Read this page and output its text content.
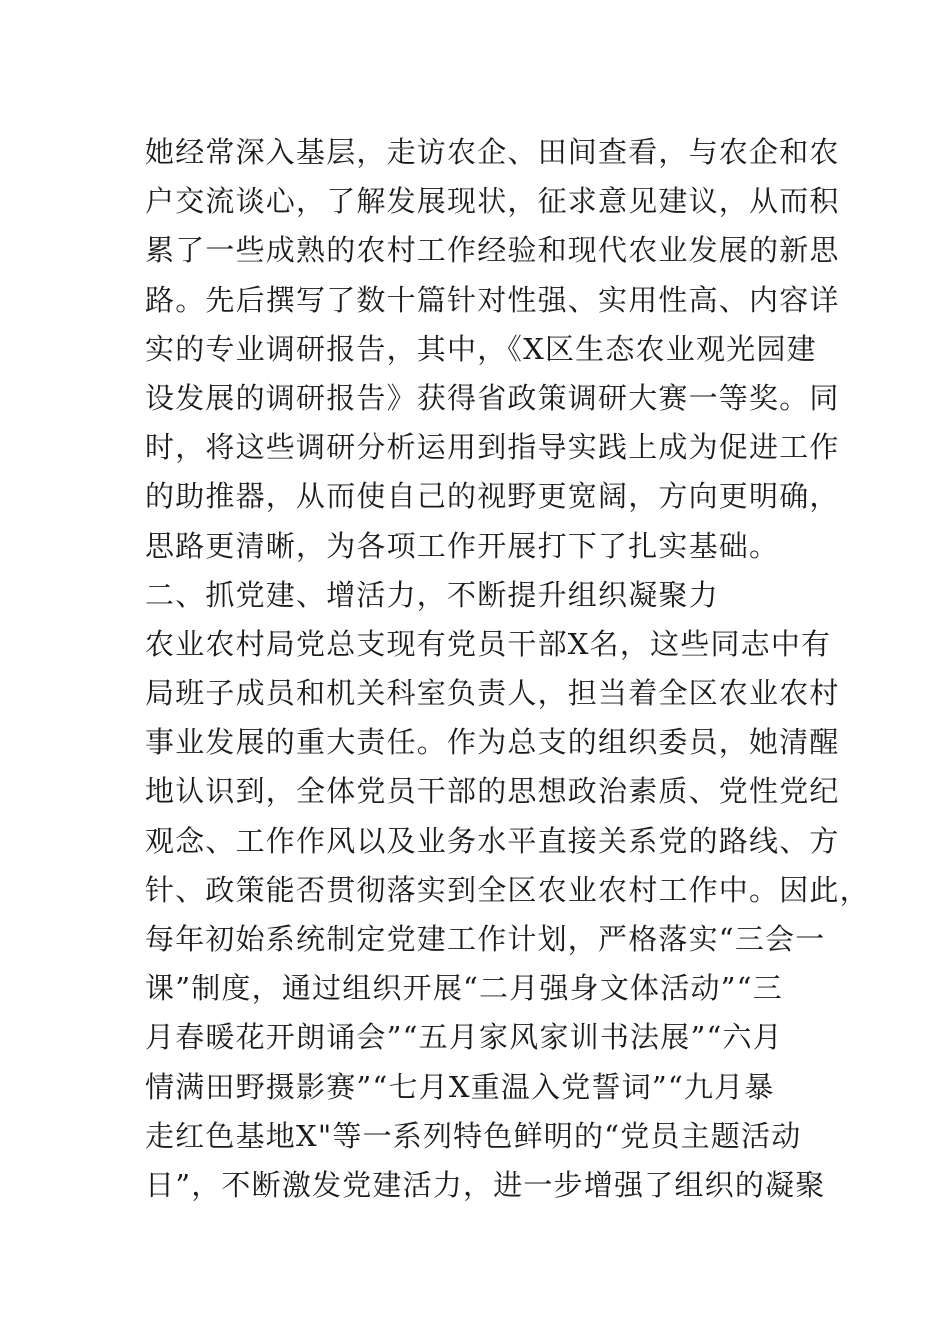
她经常深入基层，走访农企、田间查看，与农企和农
户交流谈心，了解发展现状，征求意见建议，从而积
累了一些成熟的农村工作经验和现代农业发展的新思
路。先后撰写了数十篇针对性强、实用性高、内容详
实的专业调研报告，其中，《X区生态农业观光园建
设发展的调研报告》获得省政策调研大赛一等奖。同
时，将这些调研分析运用到指导实践上成为促进工作
的助推器，从而使自己的视野更宽阔，方向更明确，
思路更清晰，为各项工作开展打下了扎实基础。
二、抓党建、增活力，不断提升组织凝聚力
农业农村局党总支现有党员干部X名，这些同志中有
局班子成员和机关科室负责人，担当着全区农业农村
事业发展的重大责任。作为总支的组织委员，她清醒
地认识到，全体党员干部的思想政治素质、党性党纪
观念、工作作风以及业务水平直接关系党的路线、方
针、政策能否贯彻落实到全区农业农村工作中。因此，
每年初始系统制定党建工作计划，严格落实“三会一
课”制度，通过组织开展“二月强身文体活动”“三
月春暖花开朗诵会”“五月家风家训书法展”“六月
情满田野摄影赛”“七月X重温入党誓词”“九月暴
走红色基地X"等一系列特色鲜明的“党员主题活动
日”，不断激发党建活力，进一步增强了组织的凝聚
